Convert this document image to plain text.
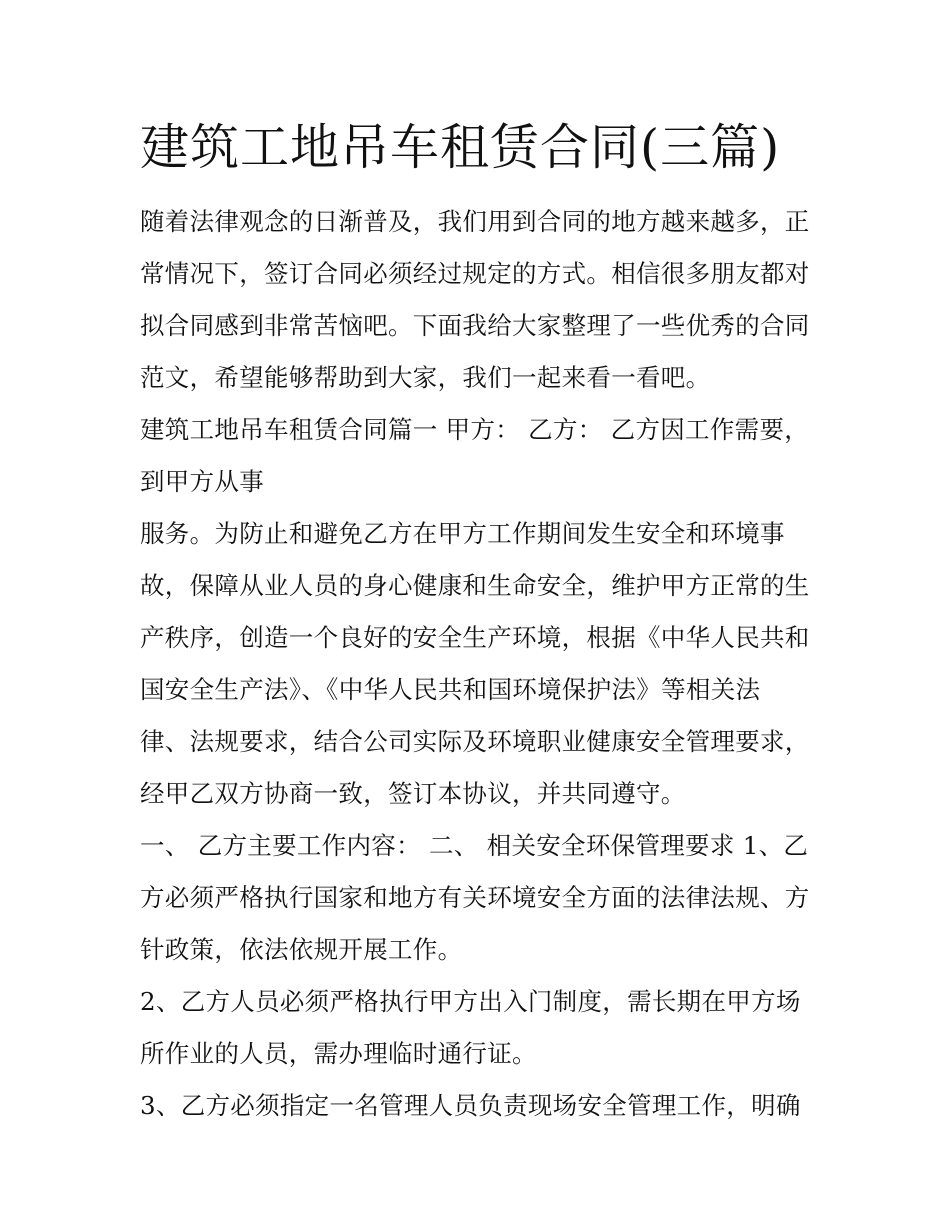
建筑工地吊车租赁合同(三篇)
随着法律观念的日渐普及，我们用到合同的地方越来越多，正
常情况下，签订合同必须经过规定的方式。相信很多朋友都对
拟合同感到非常苦恼吧。下面我给大家整理了一些优秀的合同
范文，希望能够帮助到大家，我们一起来看一看吧。
建筑工地吊车租赁合同篇一 甲方： 乙方： 乙方因工作需要，
到甲方从事
服务。为防止和避免乙方在甲方工作期间发生安全和环境事
故，保障从业人员的身心健康和生命安全，维护甲方正常的生
产秩序，创造一个良好的安全生产环境，根据《中华人民共和
国安全生产法》、《中华人民共和国环境保护法》等相关法
律、法规要求，结合公司实际及环境职业健康安全管理要求，
经甲乙双方协商一致，签订本协议，并共同遵守。
一、 乙方主要工作内容： 二、 相关安全环保管理要求 1、乙
方必须严格执行国家和地方有关环境安全方面的法律法规、方
针政策，依法依规开展工作。
2、乙方人员必须严格执行甲方出入门制度，需长期在甲方场
所作业的人员，需办理临时通行证。
3、乙方必须指定一名管理人员负责现场安全管理工作，明确
